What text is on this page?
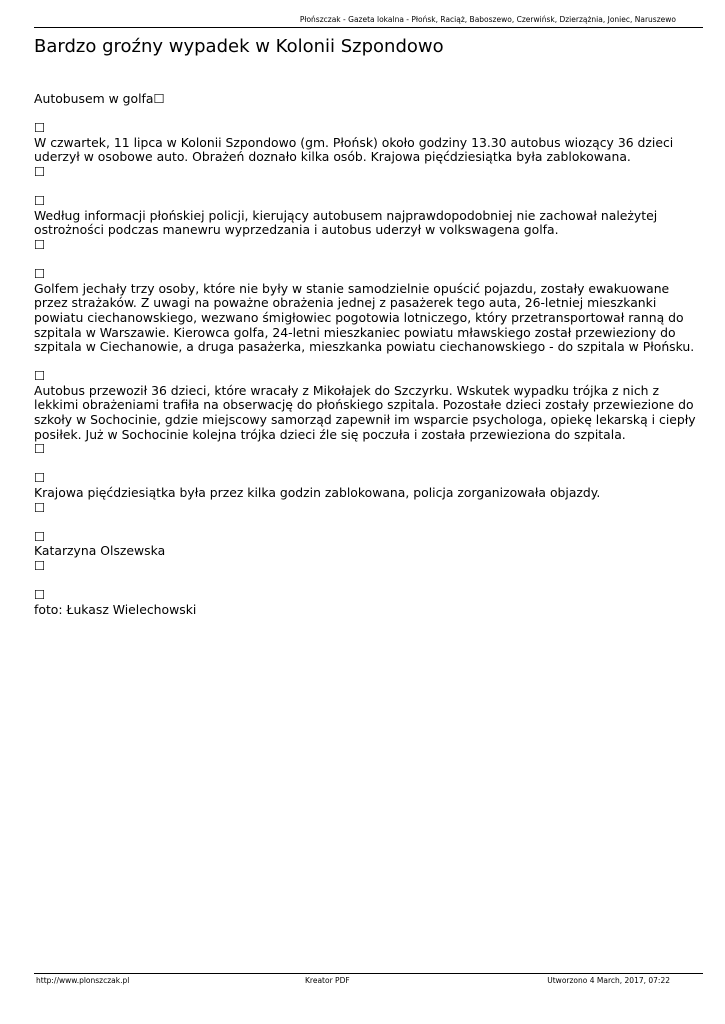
Płońszczak - Gazeta lokalna - Płońsk, Raciąż, Baboszewo, Czerwińsk, Dzierzążnia, Joniec, Naruszewo
Bardzo groźny wypadek w Kolonii Szpondowo
Autobusem w golfa☐
☐

W czwartek, 11 lipca w Kolonii Szpondowo (gm. Płońsk) około godziny 13.30 autobus wiozący 36 dzieci uderzył w osobowe auto. Obrażeń doznało kilka osób. Krajowa pięćdziesiątka była zablokowana.

☐
☐

Według informacji płońskiej policji, kierujący autobusem najprawdopodobniej nie zachował należytej ostrożności podczas manewru wyprzedzania i autobus uderzył w volkswagena golfa.

☐
☐

Golfem jechały trzy osoby, które nie były w stanie samodzielnie opuścić pojazdu, zostały ewakuowane przez strażaków. Z uwagi na poważne obrażenia jednej z pasażerek tego auta, 26-letniej mieszkanki powiatu ciechanowskiego, wezwano śmigłowiec pogotowia lotniczego, który przetransportował ranną do szpitala w Warszawie. Kierowca golfa, 24-letni mieszkaniec powiatu mławskiego został przewieziony do szpitala w Ciechanowie, a druga pasażerka, mieszkanka powiatu ciechanowskiego - do szpitala w Płońsku.

☐

Autobus przewoził 36 dzieci, które wracały z Mikołajek do Szczyrku. Wskutek wypadku trójka z nich z lekkimi obrażeniami trafiła na obserwację do płońskiego szpitala. Pozostałe dzieci zostały przewiezione do szkoły w Sochocinie, gdzie miejscowy samorząd zapewnił im wsparcie psychologa, opiekę lekarską i ciepły posiłek. Już w Sochocinie kolejna trójka dzieci źle się poczuła i została przewieziona do szpitala.

☐
☐

Krajowa pięćdziesiątka była przez kilka godzin zablokowana, policja zorganizowała objazdy.

☐
☐

Katarzyna Olszewska

☐
☐

foto: Łukasz Wielechowski

http://www.plonszczak.pl	Kreator PDF	Utworzono 4 March, 2017, 07:22
